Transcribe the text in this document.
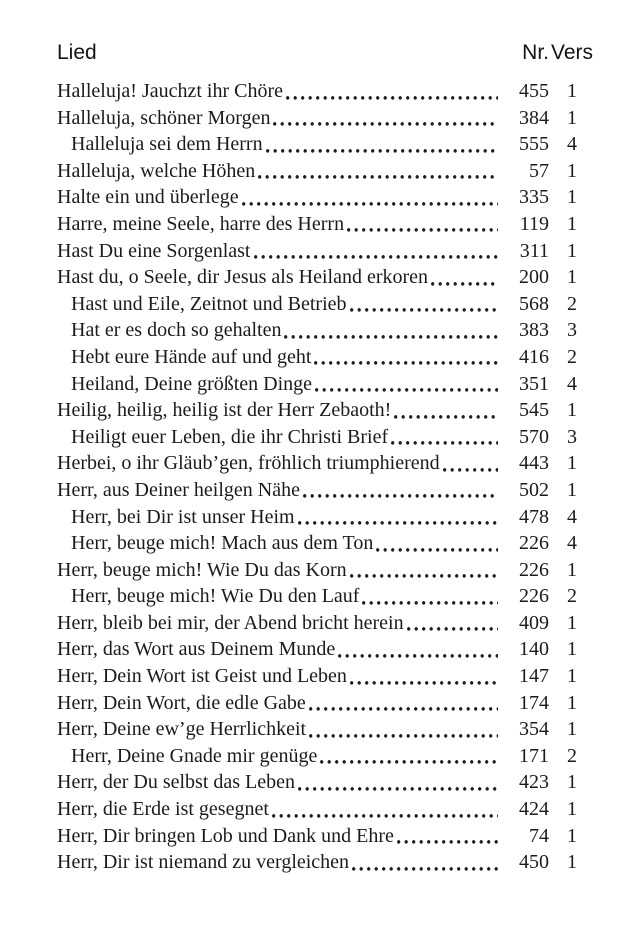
Lied	Nr. Vers
Halleluja! Jauchzt ihr Chöre	455 1
Halleluja, schöner Morgen	384 1
Halleluja sei dem Herrn	555 4
Halleluja, welche Höhen	57 1
Halte ein und überlege	335 1
Harre, meine Seele, harre des Herrn	119 1
Hast Du eine Sorgenlast	311 1
Hast du, o Seele, dir Jesus als Heiland erkoren	200 1
Hast und Eile, Zeitnot und Betrieb	568 2
Hat er es doch so gehalten	383 3
Hebt eure Hände auf und geht	416 2
Heiland, Deine größten Dinge	351 4
Heilig, heilig, heilig ist der Herr Zebaoth!	545 1
Heiligt euer Leben, die ihr Christi Brief	570 3
Herbei, o ihr Gläub’gen, fröhlich triumphierend	443 1
Herr, aus Deiner heilgen Nähe	502 1
Herr, bei Dir ist unser Heim	478 4
Herr, beuge mich! Mach aus dem Ton	226 4
Herr, beuge mich! Wie Du das Korn	226 1
Herr, beuge mich! Wie Du den Lauf	226 2
Herr, bleib bei mir, der Abend bricht herein	409 1
Herr, das Wort aus Deinem Munde	140 1
Herr, Dein Wort ist Geist und Leben	147 1
Herr, Dein Wort, die edle Gabe	174 1
Herr, Deine ew’ge Herrlichkeit	354 1
Herr, Deine Gnade mir genüge	171 2
Herr, der Du selbst das Leben	423 1
Herr, die Erde ist gesegnet	424 1
Herr, Dir bringen Lob und Dank und Ehre	74 1
Herr, Dir ist niemand zu vergleichen	450 1
